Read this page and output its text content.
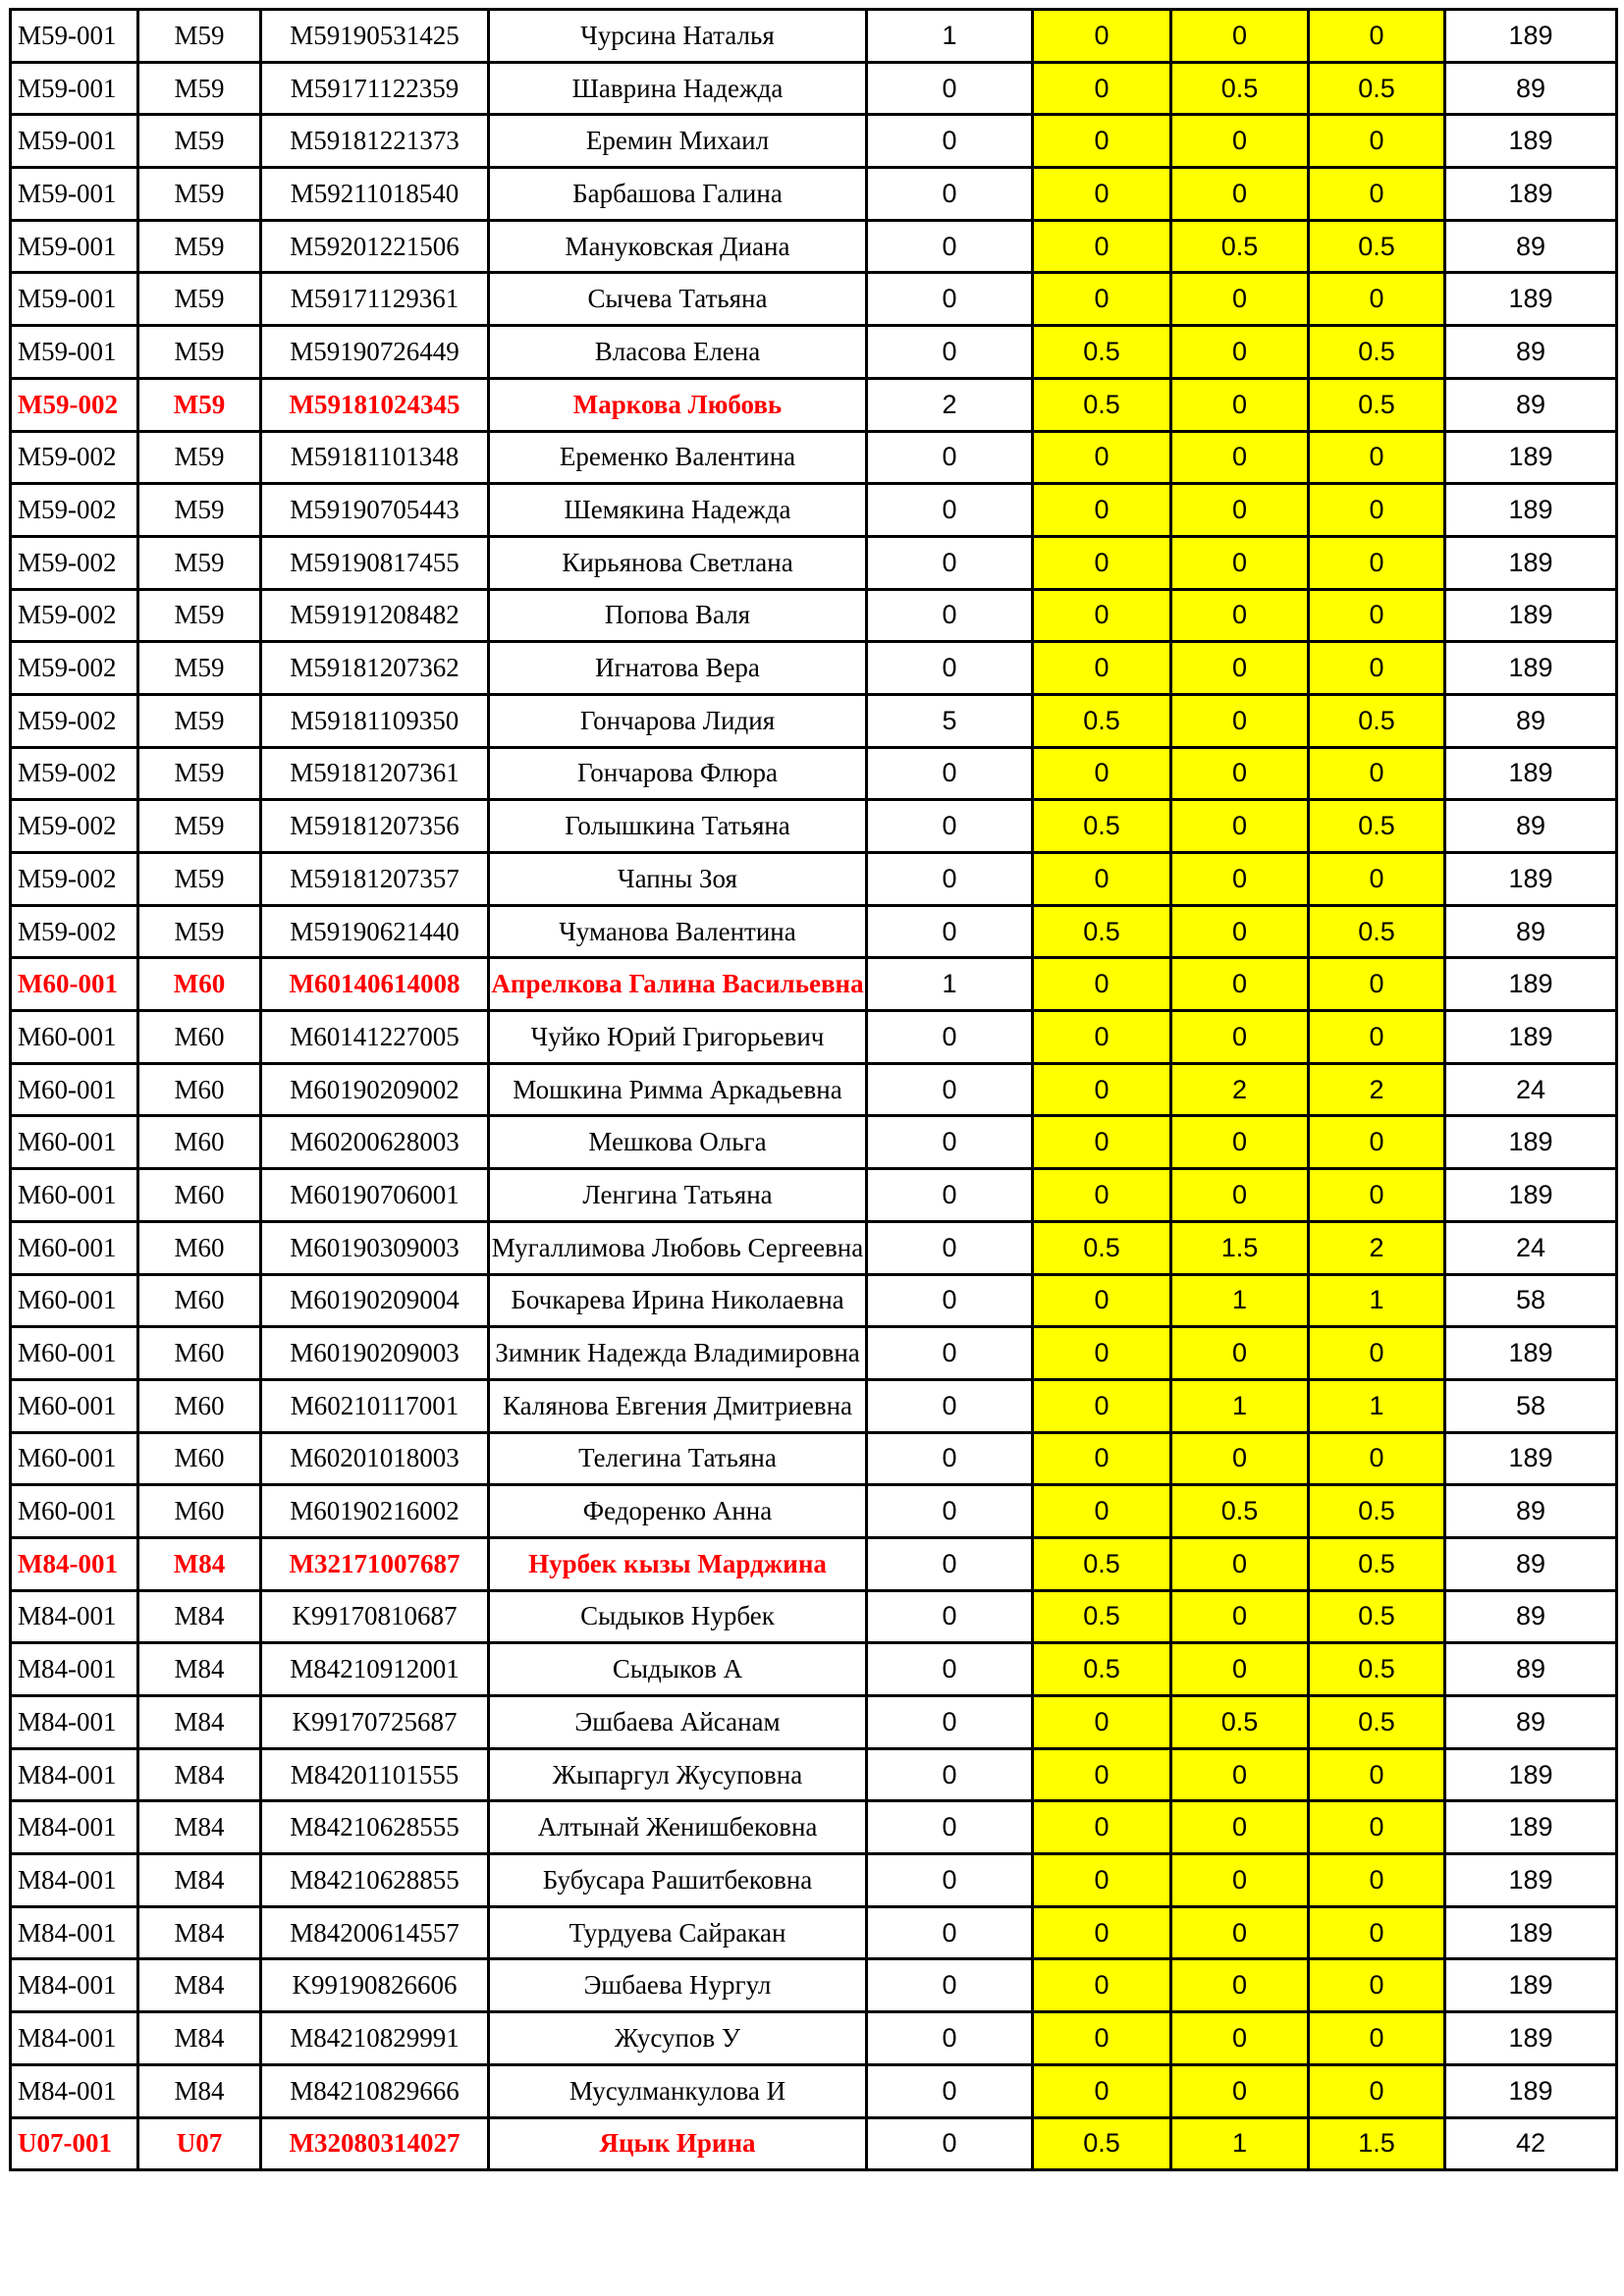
M59-001	M59	M59190531425	Чурсина Наталья	1	0	0	0	189
M59-001	M59	M59171122359	Шаврина Надежда	0	0	0.5	0.5	89
M59-001	M59	M59181221373	Еремин Михаил	0	0	0	0	189
M59-001	M59	M59211018540	Барбашова Галина	0	0	0	0	189
M59-001	M59	M59201221506	Мануковская Диана	0	0	0.5	0.5	89
M59-001	M59	M59171129361	Сычева Татьяна	0	0	0	0	189
M59-001	M59	M59190726449	Власова Елена	0	0.5	0	0.5	89
M59-002	M59	M59181024345	Маркова Любовь	2	0.5	0	0.5	89
M59-002	M59	M59181101348	Еременко Валентина	0	0	0	0	189
M59-002	M59	M59190705443	Шемякина Надежда	0	0	0	0	189
M59-002	M59	M59190817455	Кирьянова Светлана	0	0	0	0	189
M59-002	M59	M59191208482	Попова Валя	0	0	0	0	189
M59-002	M59	M59181207362	Игнатова Вера	0	0	0	0	189
M59-002	M59	M59181109350	Гончарова Лидия	5	0.5	0	0.5	89
M59-002	M59	M59181207361	Гончарова Флюра	0	0	0	0	189
M59-002	M59	M59181207356	Голышкина Татьяна	0	0.5	0	0.5	89
M59-002	M59	M59181207357	Чапны Зоя	0	0	0	0	189
M59-002	M59	M59190621440	Чуманова Валентина	0	0.5	0	0.5	89
M60-001	M60	M60140614008	Апрелкова Галина Васильевна	1	0	0	0	189
M60-001	M60	M60141227005	Чуйко Юрий Григорьевич	0	0	0	0	189
M60-001	M60	M60190209002	Мошкина Римма Аркадьевна	0	0	2	2	24
M60-001	M60	M60200628003	Мешкова Ольга	0	0	0	0	189
M60-001	M60	M60190706001	Ленгина Татьяна	0	0	0	0	189
M60-001	M60	M60190309003	Мугаллимова Любовь Сергеевна	0	0.5	1.5	2	24
M60-001	M60	M60190209004	Бочкарева Ирина Николаевна	0	0	1	1	58
M60-001	M60	M60190209003	Зимник Надежда Владимировна	0	0	0	0	189
M60-001	M60	M60210117001	Калянова Евгения Дмитриевна	0	0	1	1	58
M60-001	M60	M60201018003	Телегина Татьяна	0	0	0	0	189
M60-001	M60	M60190216002	Федоренко Анна	0	0	0.5	0.5	89
M84-001	M84	M32171007687	Нурбек кызы Марджина	0	0.5	0	0.5	89
M84-001	M84	K99170810687	Сыдыков Нурбек	0	0.5	0	0.5	89
M84-001	M84	M84210912001	Сыдыков А	0	0.5	0	0.5	89
M84-001	M84	K99170725687	Эшбаева Айсанам	0	0	0.5	0.5	89
M84-001	M84	M84201101555	Жыпаргул Жусуповна	0	0	0	0	189
M84-001	M84	M84210628555	Алтынай Женишбековна	0	0	0	0	189
M84-001	M84	M84210628855	Бубусара Рашитбековна	0	0	0	0	189
M84-001	M84	M84200614557	Турдуева Сайракан	0	0	0	0	189
M84-001	M84	K99190826606	Эшбаева Нургул	0	0	0	0	189
M84-001	M84	M84210829991	Жусупов У	0	0	0	0	189
M84-001	M84	M84210829666	Мусулманкулова И	0	0	0	0	189
U07-001	U07	M32080314027	Яцык Ирина	0	0.5	1	1.5	42
